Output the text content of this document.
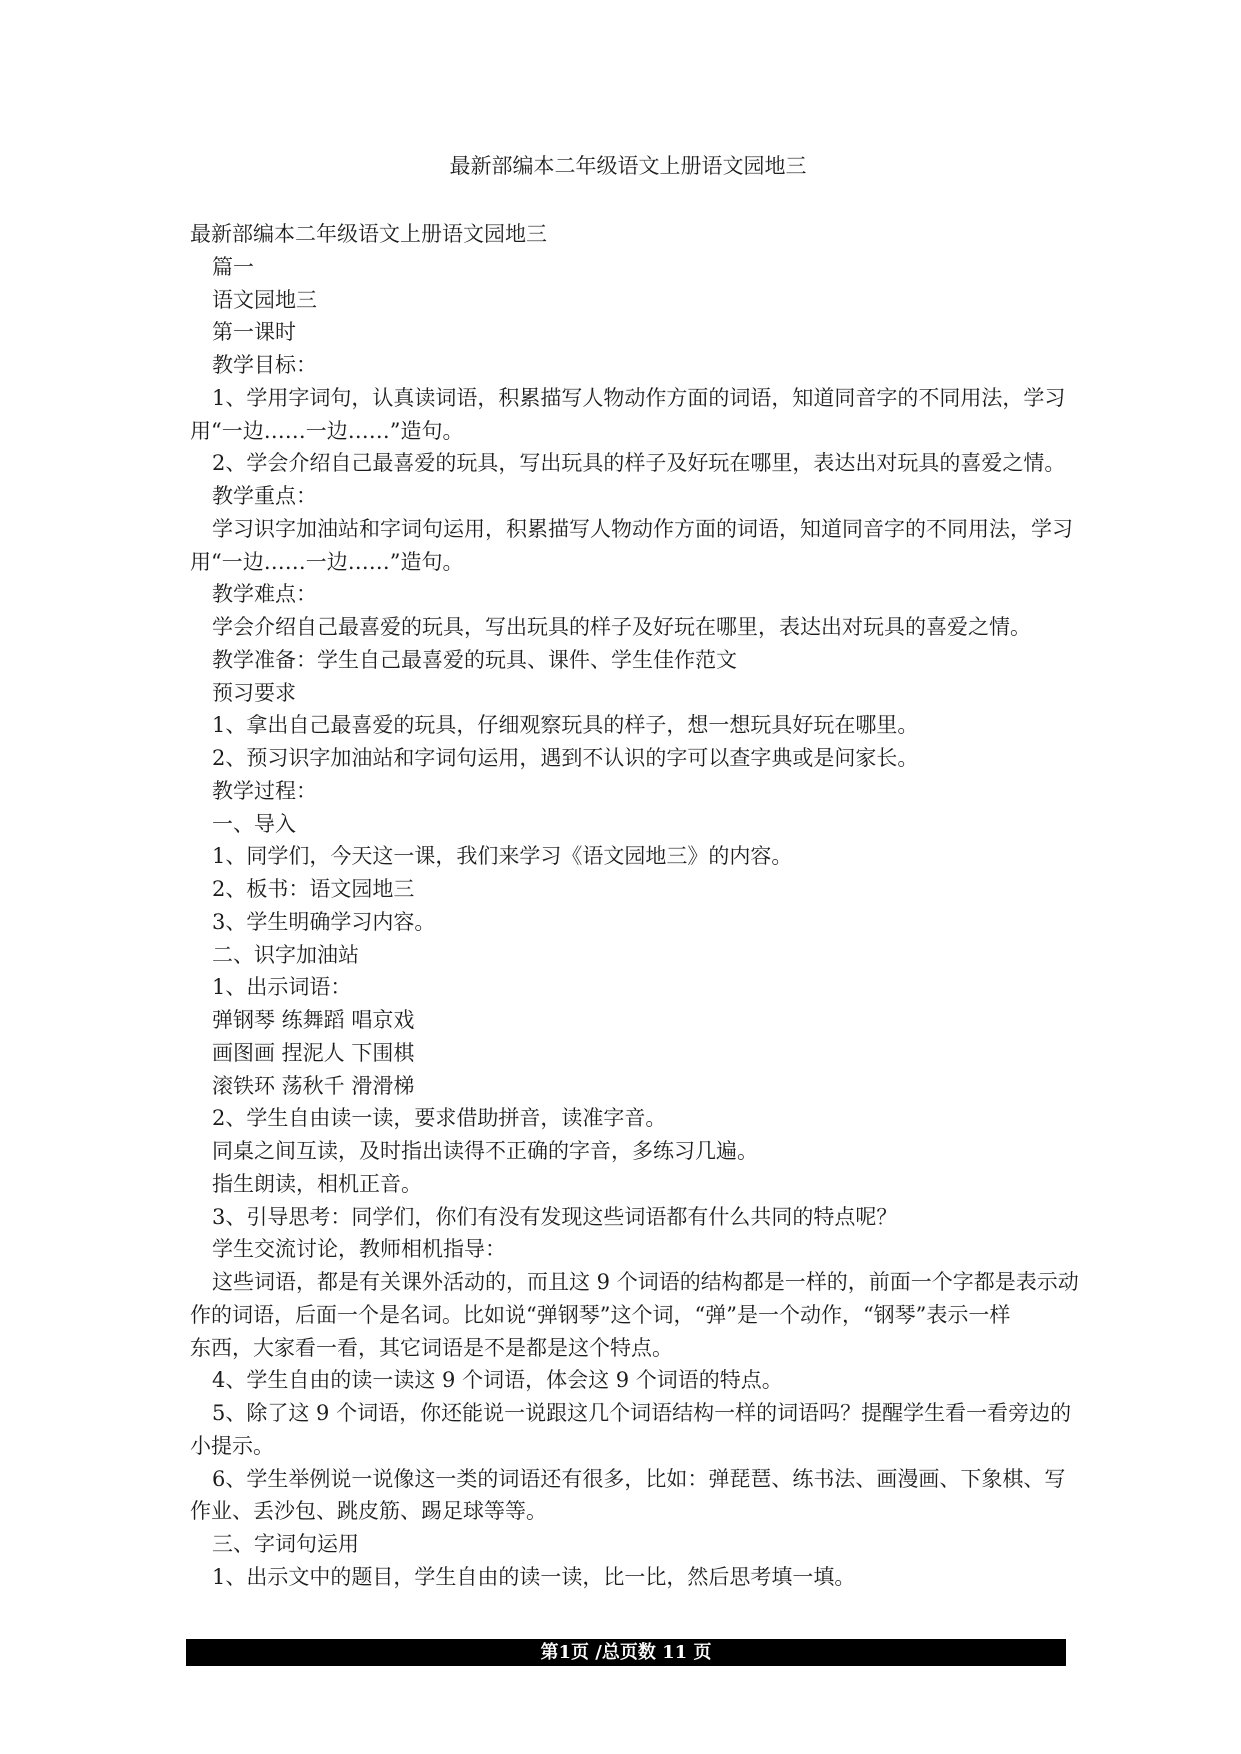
最新部编本二年级语文上册语文园地三
最新部编本二年级语文上册语文园地三
篇一
语文园地三
第一课时
教学目标：
1、学用字词句，认真读词语，积累描写人物动作方面的词语，知道同音字的不同用法，学习
用“一边……一边……”造句。
2、学会介绍自己最喜爱的玩具，写出玩具的样子及好玩在哪里，表达出对玩具的喜爱之情。
教学重点：
学习识字加油站和字词句运用，积累描写人物动作方面的词语，知道同音字的不同用法，学习
用“一边……一边……”造句。
教学难点：
学会介绍自己最喜爱的玩具，写出玩具的样子及好玩在哪里，表达出对玩具的喜爱之情。
教学准备：学生自己最喜爱的玩具、课件、学生佳作范文
预习要求
1、拿出自己最喜爱的玩具，仔细观察玩具的样子，想一想玩具好玩在哪里。
2、预习识字加油站和字词句运用，遇到不认识的字可以查字典或是问家长。
教学过程：
一、导入
1、同学们，今天这一课，我们来学习《语文园地三》的内容。
2、板书：语文园地三
3、学生明确学习内容。
二、识字加油站
1、出示词语：
弹钢琴 练舞蹈 唱京戏
画图画 捏泥人 下围棋
滚铁环 荡秋千 滑滑梯
2、学生自由读一读，要求借助拼音，读准字音。
同桌之间互读，及时指出读得不正确的字音，多练习几遍。
指生朗读，相机正音。
3、引导思考：同学们，你们有没有发现这些词语都有什么共同的特点呢？
学生交流讨论，教师相机指导：
这些词语，都是有关课外活动的，而且这 9 个词语的结构都是一样的，前面一个字都是表示动
作的词语，后面一个是名词。比如说“弹钢琴”这个词，“弹”是一个动作，“钢琴”表示一样
东西，大家看一看，其它词语是不是都是这个特点。
4、学生自由的读一读这 9 个词语，体会这 9 个词语的特点。
5、除了这 9 个词语，你还能说一说跟这几个词语结构一样的词语吗？提醒学生看一看旁边的
小提示。
6、学生举例说一说像这一类的词语还有很多，比如：弹琵琶、练书法、画漫画、下象棋、写
作业、丢沙包、跳皮筋、踢足球等等。
三、字词句运用
1、出示文中的题目，学生自由的读一读，比一比，然后思考填一填。
第1页 /总页数 11 页
